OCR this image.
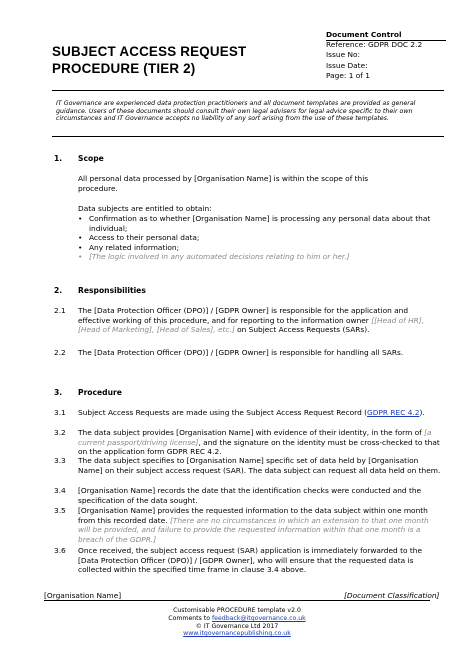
SUBJECT ACCESS REQUEST
PROCEDURE (TIER 2)
Document Control
Reference: GDPR DOC 2.2
Issue No:
Issue Date:
Page: 1 of 1
IT Governance are experienced data protection practitioners and all document templates are provided as general guidance. Users of these documents should consult their own legal advisers for legal advice specific to their own circumstances and IT Governance accepts no liability of any sort arising from the use of these templates.
1. Scope
All personal data processed by [Organisation Name] is within the scope of this procedure.
Data subjects are entitled to obtain:
• Confirmation as to whether [Organisation Name] is processing any personal data about that individual;
• Access to their personal data;
• Any related information;
• [The logic involved in any automated decisions relating to him or her.]
2. Responsibilities
2.1 The [Data Protection Officer (DPO)] / [GDPR Owner] is responsible for the application and effective working of this procedure, and for reporting to the information owner [[Head of HR], [Head of Marketing], [Head of Sales], etc.] on Subject Access Requests (SARs).
2.2 The [Data Protection Officer (DPO)] / [GDPR Owner] is responsible for handling all SARs.
3. Procedure
3.1 Subject Access Requests are made using the Subject Access Request Record (GDPR REC 4.2).
3.2 The data subject provides [Organisation Name] with evidence of their identity, in the form of [a current passport/driving license], and the signature on the identity must be cross-checked to that on the application form GDPR REC 4.2.
3.3 The data subject specifies to [Organisation Name] specific set of data held by [Organisation Name] on their subject access request (SAR). The data subject can request all data held on them.
3.4 [Organisation Name] records the date that the identification checks were conducted and the specification of the data sought.
3.5 [Organisation Name] provides the requested information to the data subject within one month from this recorded date. [There are no circumstances in which an extension to that one month will be provided, and failure to provide the requested information within that one month is a breach of the GDPR.]
3.6 Once received, the subject access request (SAR) application is immediately forwarded to the [Data Protection Officer (DPO)] / [GDPR Owner], who will ensure that the requested data is collected within the specified time frame in clause 3.4 above.
[Organisation Name]	[Document Classification]
Customisable PROCEDURE template v2.0
Comments to feedback@itgovernance.co.uk
© IT Governance Ltd 2017
www.itgovernancepublishing.co.uk
